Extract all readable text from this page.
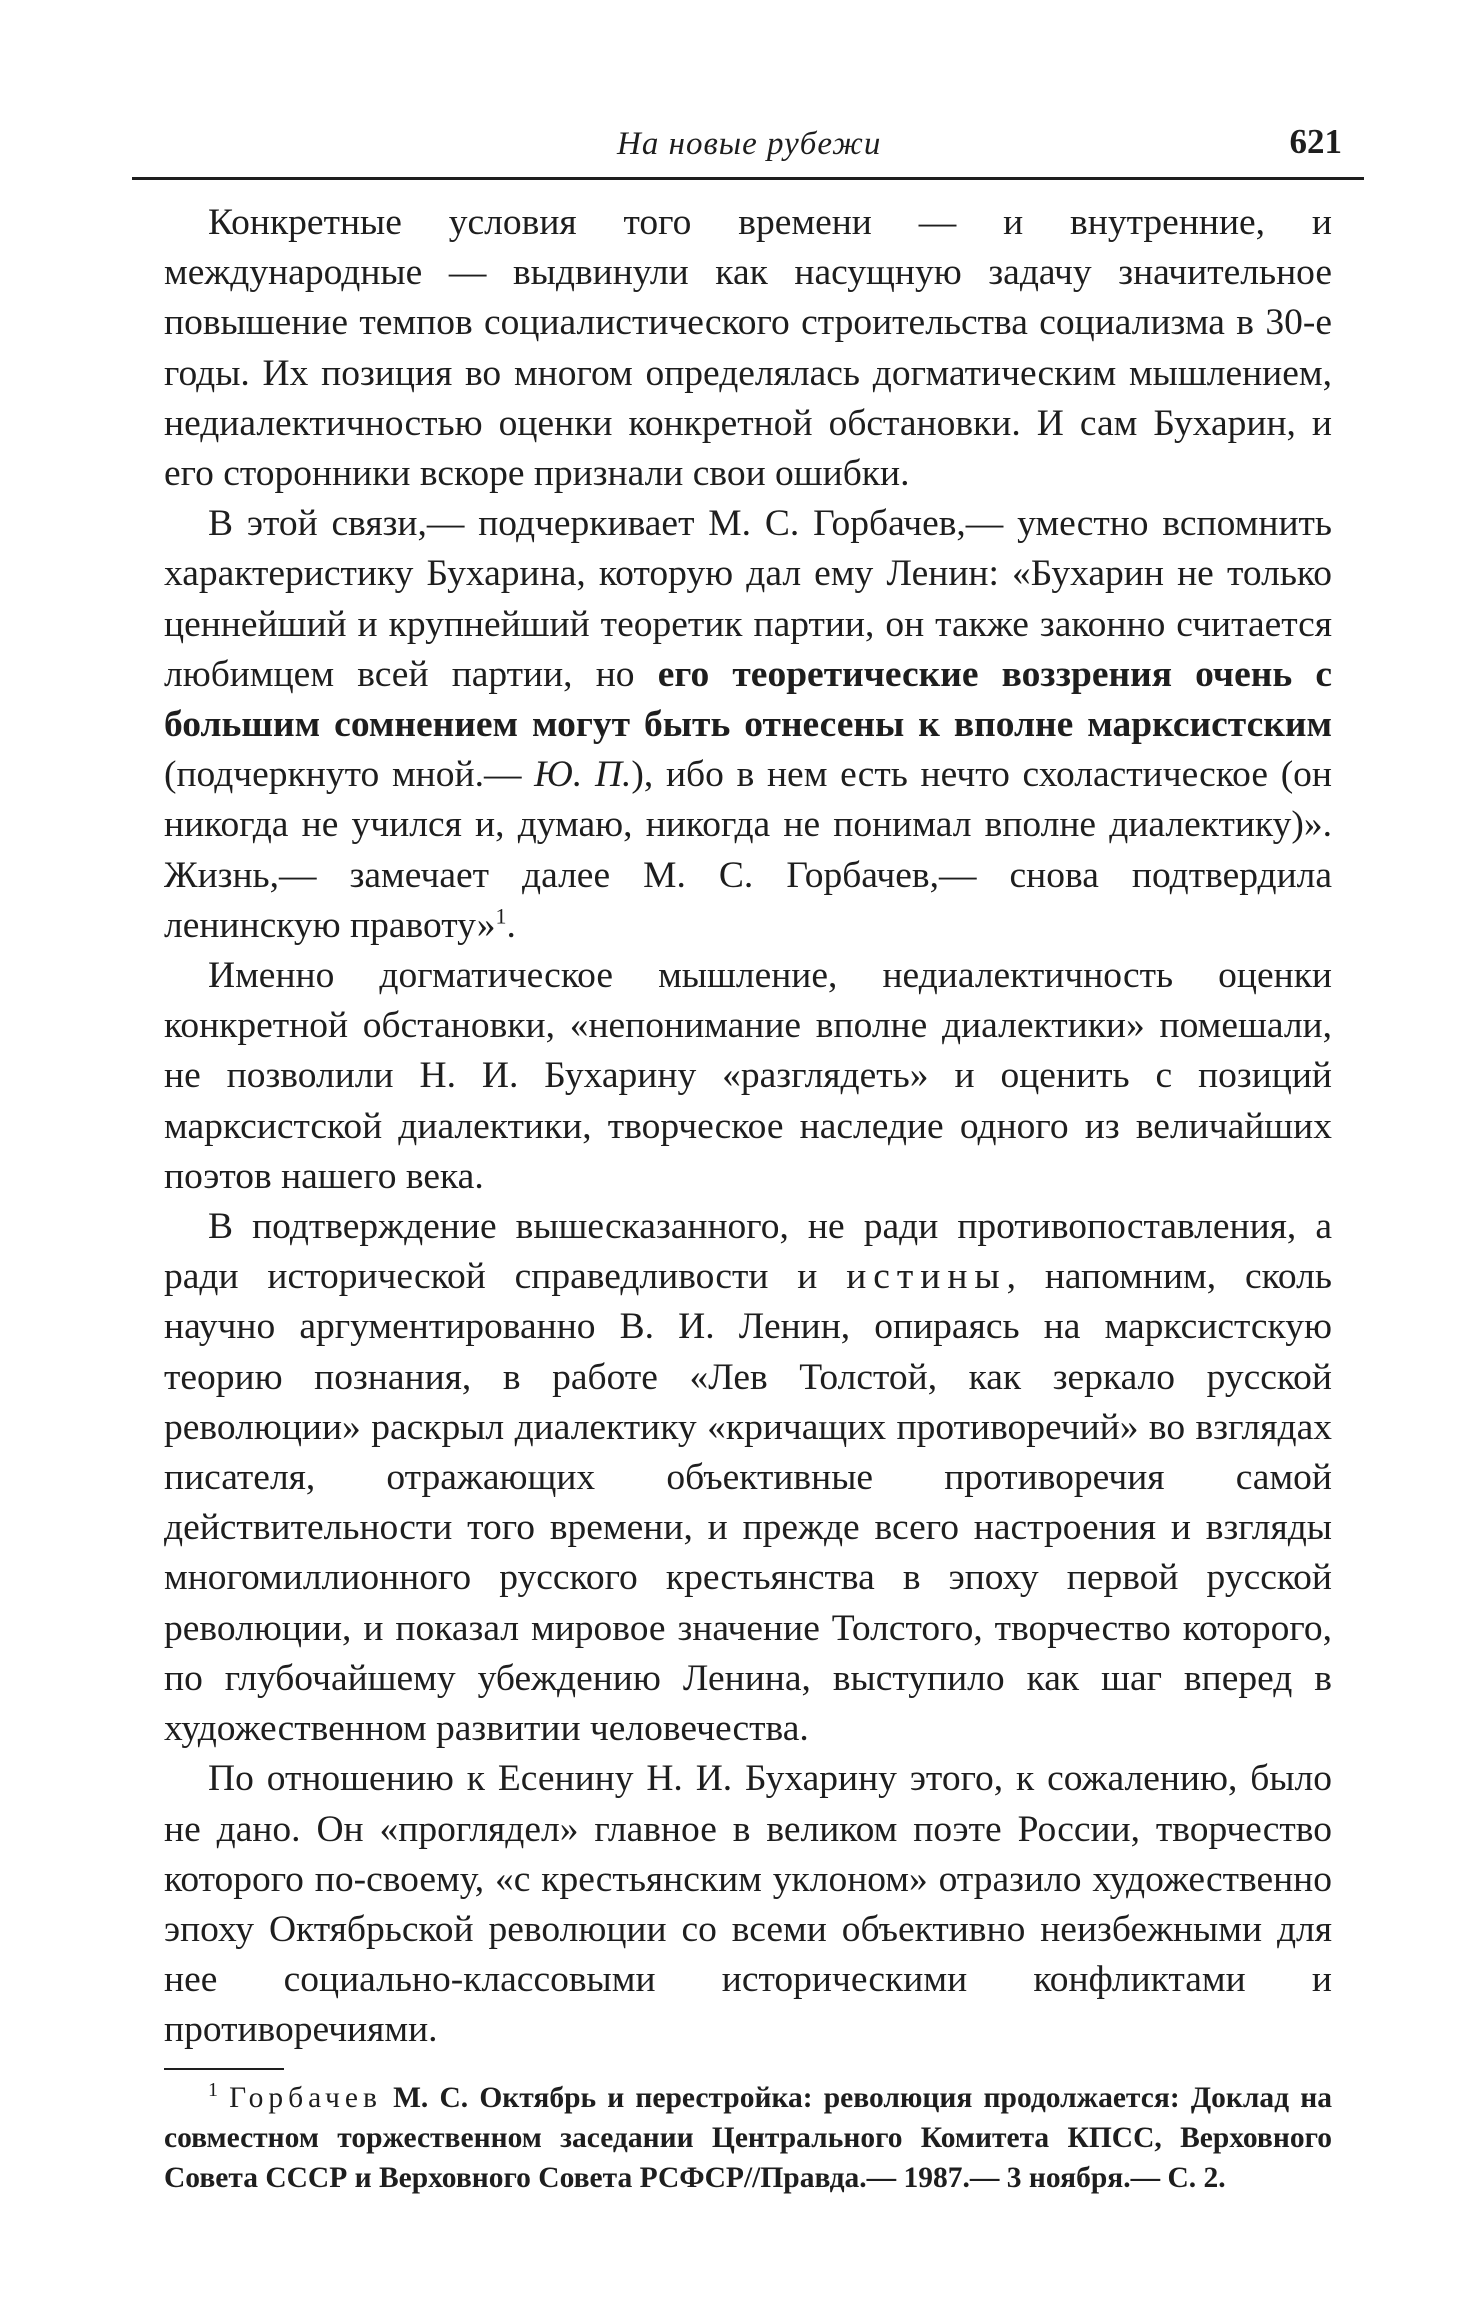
На новые рубежи	621

Конкретные условия того времени — и внутренние, и международные — выдвинули как насущную задачу значительное повышение темпов социалистического строительства социализма в 30-е годы. Их позиция во многом определялась догматическим мышлением, недиалектичностью оценки конкретной обстановки. И сам Бухарин, и его сторонники вскоре признали свои ошибки.

В этой связи,— подчеркивает М. С. Горбачев,— уместно вспомнить характеристику Бухарина, которую дал ему Ленин: «Бухарин не только ценнейший и крупнейший теоретик партии, он также законно считается любимцем всей партии, но его теоретические воззрения очень с большим сомнением могут быть отнесены к вполне марксистским (подчеркнуто мной.— Ю. П.), ибо в нем есть нечто схоластическое (он никогда не учился и, думаю, никогда не понимал вполне диалектику)». Жизнь,— замечает далее М. С. Горбачев,— снова подтвердила ленинскую правоту»$^1$.

Именно догматическое мышление, недиалектичность оценки конкретной обстановки, «непонимание вполне диалектики» помешали, не позволили Н. И. Бухарину «разглядеть» и оценить с позиций марксистской диалектики, творческое наследие одного из величайших поэтов нашего века.

В подтверждение вышесказанного, не ради противопоставления, а ради исторической справедливости и истины, напомним, сколь научно аргументированно В. И. Ленин, опираясь на марксистскую теорию познания, в работе «Лев Толстой, как зеркало русской революции» раскрыл диалектику «кричащих противоречий» во взглядах писателя, отражающих объективные противоречия самой действительности того времени, и прежде всего настроения и взгляды многомиллионного русского крестьянства в эпоху первой русской революции, и показал мировое значение Толстого, творчество которого, по глубочайшему убеждению Ленина, выступило как шаг вперед в художественном развитии человечества.

По отношению к Есенину Н. И. Бухарину этого, к сожалению, было не дано. Он «проглядел» главное в великом поэте России, творчество которого по-своему, «с крестьянским уклоном» отразило художественно эпоху Октябрьской революции со всеми объективно неизбежными для нее социально-классовыми историческими конфликтами и противоречиями.

$^1$ Горбачев М. С. Октябрь и перестройка: революция продолжается: Доклад на совместном торжественном заседании Центрального Комитета КПСС, Верховного Совета СССР и Верховного Совета РСФСР//Правда.— 1987.— 3 ноября.— С. 2.
